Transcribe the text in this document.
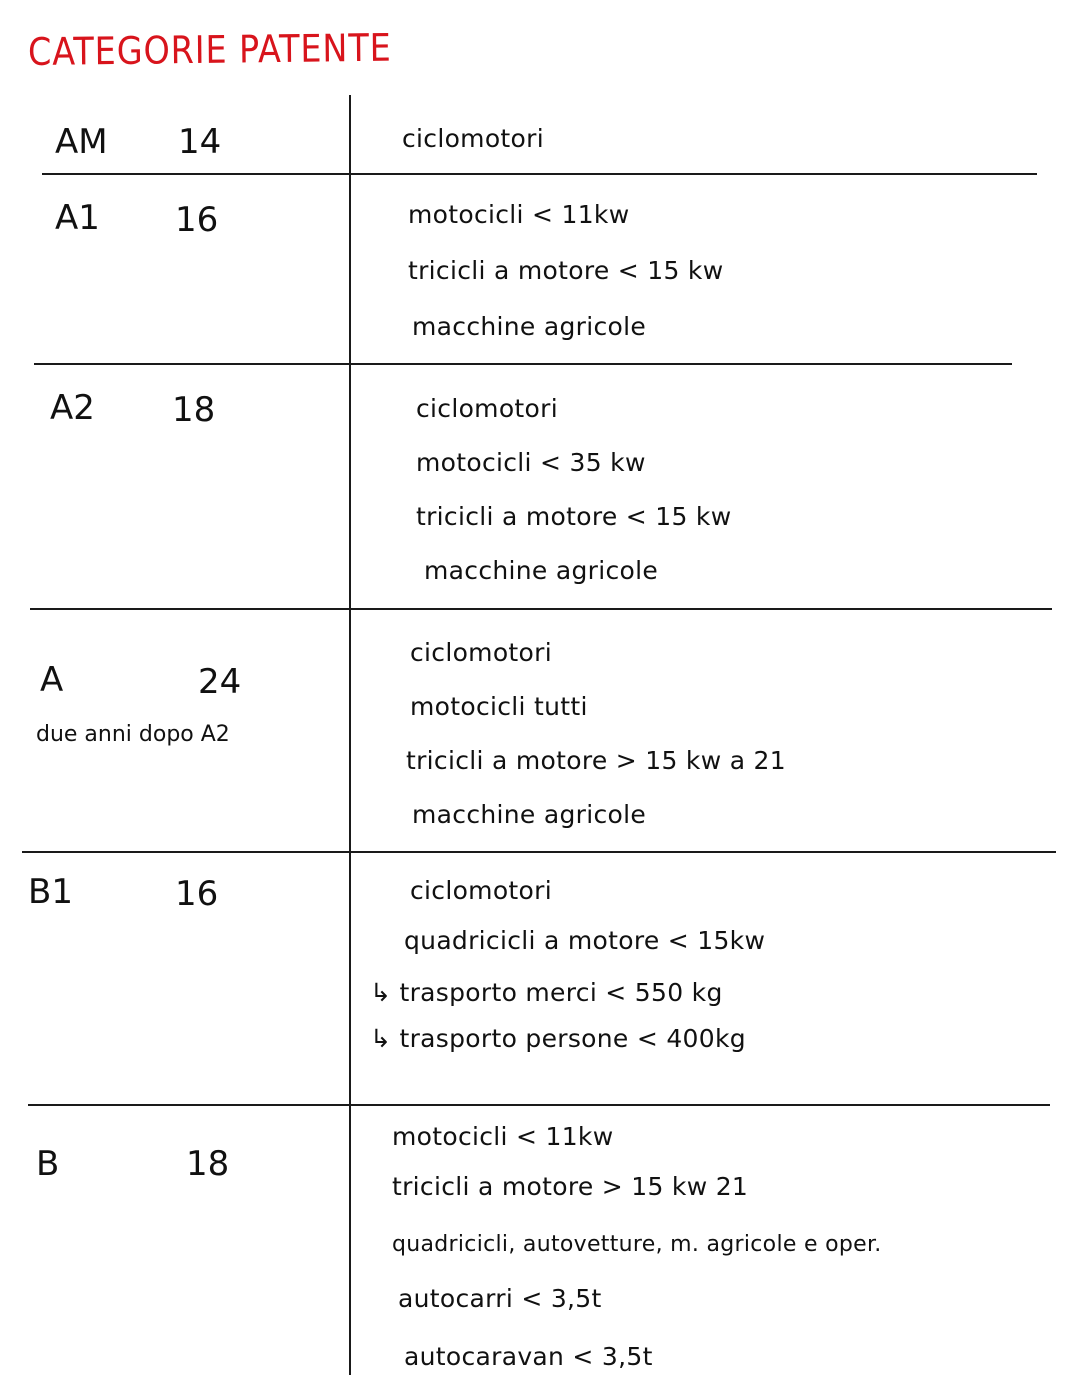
CATEGORIE PATENTE
AM 14	ciclomotori
A1 16	motocicli < 11kw
tricicli a motore < 15 kw
macchine agricole
A2 18	ciclomotori
motocicli < 35 kw
tricicli a motore < 15 kw
macchine agricole
A	24
due anni dopo A2
ciclomotori
motocicli tutti
tricicli a motore > 15 kw a 21
macchine agricole
B1	16	ciclomotori
quadricicli a motore < 15kw
↳ trasporto merci < 550 kg
↳ trasporto persone < 400kg
B	18
motocicli < 11kw
tricicli a motore > 15 kw 21
quadricicli, autovetture, m. agricole e oper.
autocarri < 3,5t
autocaravan < 3,5t
